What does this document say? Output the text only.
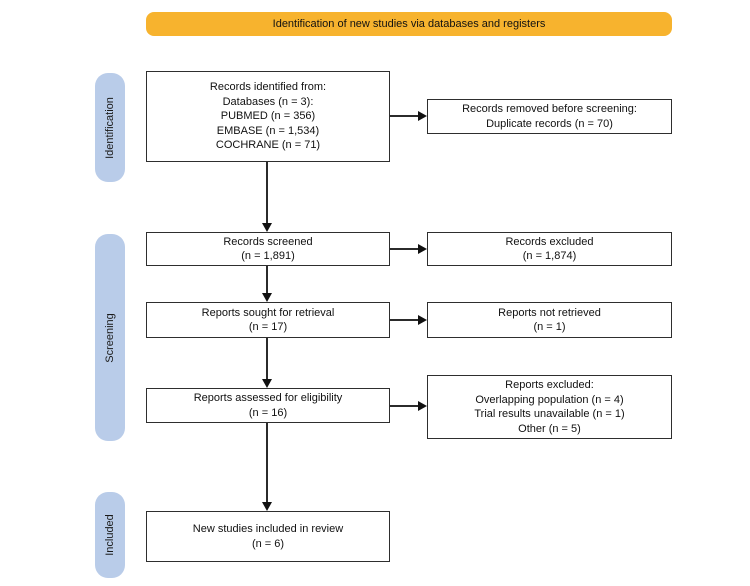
Identification of new studies via databases and registers
Identification
Screening
Included
Records identified from:
Databases (n = 3):
PUBMED (n = 356)
EMBASE (n = 1,534)
COCHRANE (n = 71)
Records removed before screening:
Duplicate records (n = 70)
Records screened
(n = 1,891)
Records excluded
(n = 1,874)
Reports sought for retrieval
(n = 17)
Reports not retrieved
(n = 1)
Reports assessed for eligibility
(n = 16)
Reports excluded:
Overlapping population (n = 4)
Trial results unavailable (n = 1)
Other (n = 5)
New studies included in review
(n = 6)
